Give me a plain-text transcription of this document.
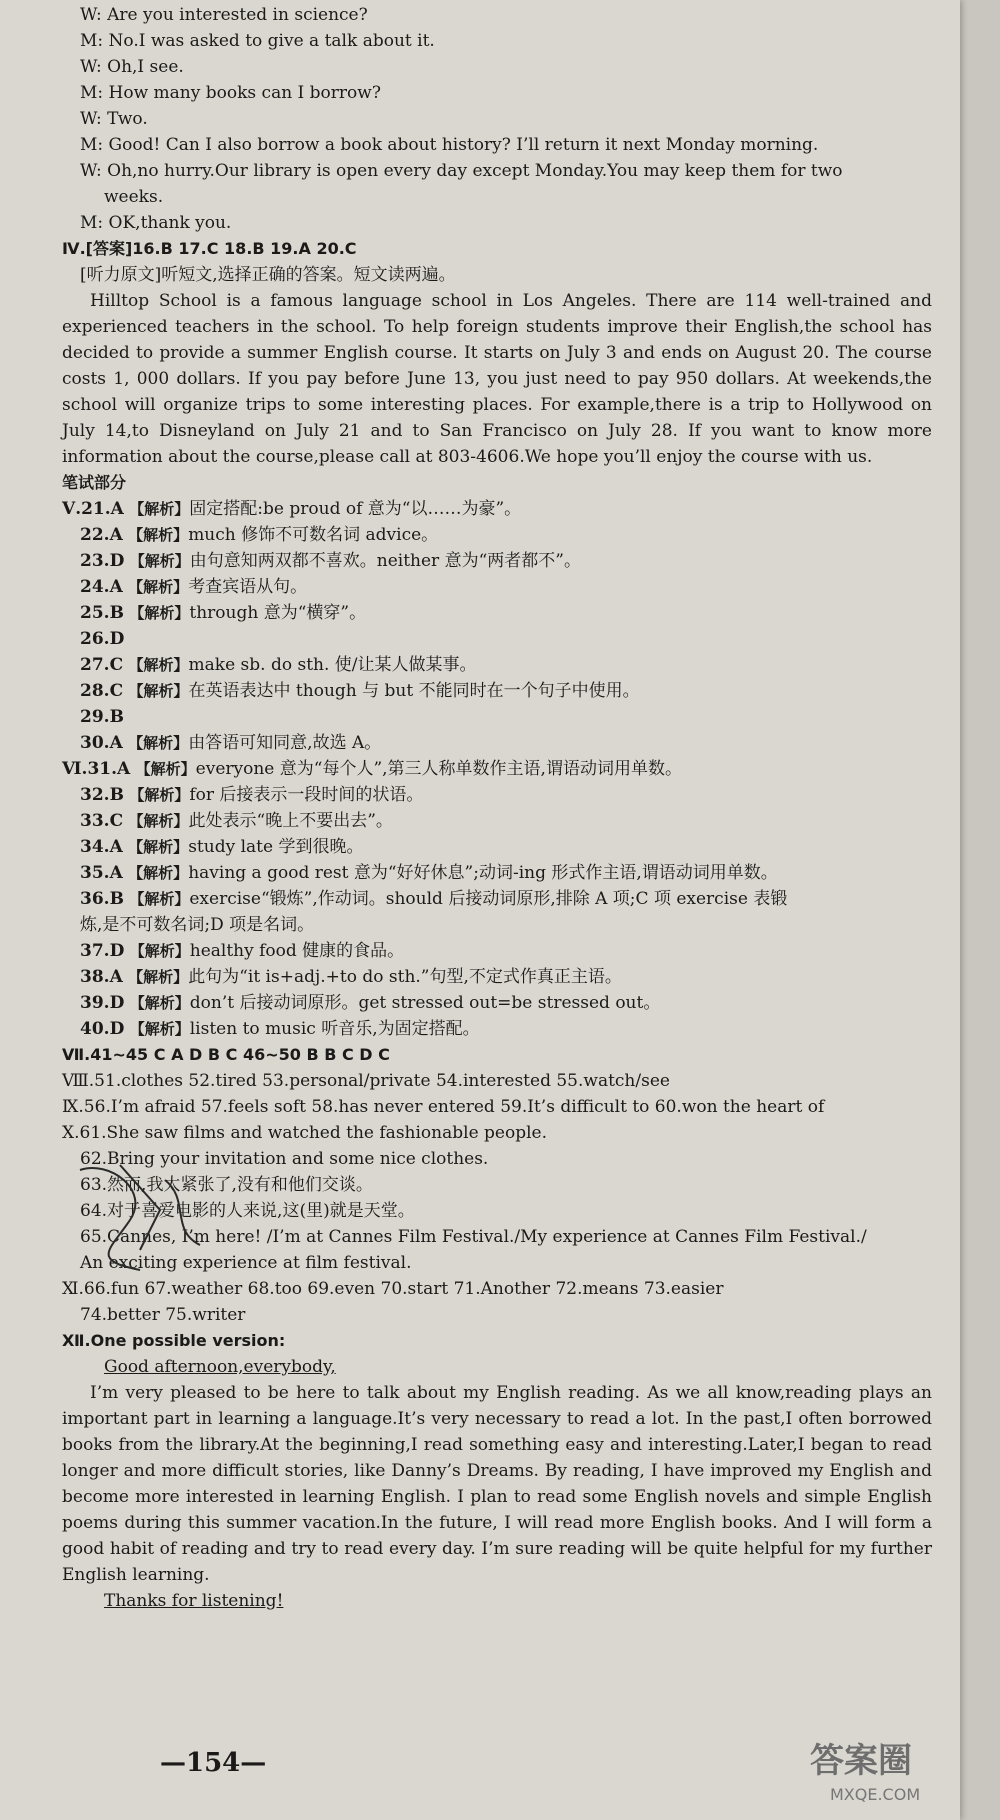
W: Are you interested in science?
M: No.I was asked to give a talk about it.
W: Oh,I see.
M: How many books can I borrow?
W: Two.
M: Good! Can I also borrow a book about history? I’ll return it next Monday morning.
W: Oh,no hurry.Our library is open every day except Monday.You may keep them for two
weeks.
M: OK,thank you.
Ⅳ.[答案]16.B 17.C 18.B 19.A 20.C
[听力原文]听短文,选择正确的答案。短文读两遍。
Hilltop School is a famous language school in Los Angeles. There are 114 well-trained and experienced teachers in the school. To help foreign students improve their English,the school has decided to provide a summer English course. It starts on July 3 and ends on August 20. The course costs 1, 000 dollars. If you pay before June 13, you just need to pay 950 dollars. At weekends,the school will organize trips to some interesting places. For example,there is a trip to Hollywood on July 14,to Disneyland on July 21 and to San Francisco on July 28. If you want to know more information about the course,please call at 803-4606.We hope you’ll enjoy the course with us.
笔试部分
Ⅴ.21.A 【解析】固定搭配:be proud of 意为“以……为豪”。
22.A 【解析】much 修饰不可数名词 advice。
23.D 【解析】由句意知两双都不喜欢。neither 意为“两者都不”。
24.A 【解析】考查宾语从句。
25.B 【解析】through 意为“横穿”。
26.D
27.C 【解析】make sb. do sth. 使/让某人做某事。
28.C 【解析】在英语表达中 though 与 but 不能同时在一个句子中使用。
29.B
30.A 【解析】由答语可知同意,故选 A。
Ⅵ.31.A 【解析】everyone 意为“每个人”,第三人称单数作主语,谓语动词用单数。
32.B 【解析】for 后接表示一段时间的状语。
33.C 【解析】此处表示“晚上不要出去”。
34.A 【解析】study late 学到很晚。
35.A 【解析】having a good rest 意为“好好休息”;动词-ing 形式作主语,谓语动词用单数。
36.B 【解析】exercise“锻炼”,作动词。should 后接动词原形,排除 A 项;C 项 exercise 表锻
炼,是不可数名词;D 项是名词。
37.D 【解析】healthy food 健康的食品。
38.A 【解析】此句为“it is+adj.+to do sth.”句型,不定式作真正主语。
39.D 【解析】don’t 后接动词原形。get stressed out=be stressed out。
40.D 【解析】listen to music 听音乐,为固定搭配。
Ⅶ.41~45 C A D B C 46~50 B B C D C
Ⅷ.51.clothes 52.tired 53.personal/private 54.interested 55.watch/see
Ⅸ.56.I’m afraid 57.feels soft 58.has never entered 59.It’s difficult to 60.won the heart of
Ⅹ.61.She saw films and watched the fashionable people.
62.Bring your invitation and some nice clothes.
63.然而,我太紧张了,没有和他们交谈。
64.对于喜爱电影的人来说,这(里)就是天堂。
65.Cannes, I’m here! /I’m at Cannes Film Festival./My experience at Cannes Film Festival./
An exciting experience at film festival.
Ⅺ.66.fun 67.weather 68.too 69.even 70.start 71.Another 72.means 73.easier
74.better 75.writer
Ⅻ.One possible version:
Good afternoon,everybody,
I’m very pleased to be here to talk about my English reading. As we all know,reading plays an important part in learning a language.It’s very necessary to read a lot. In the past,I often borrowed books from the library.At the beginning,I read something easy and interesting.Later,I began to read longer and more difficult stories, like Danny’s Dreams. By reading, I have improved my English and become more interested in learning English. I plan to read some English novels and simple English poems during this summer vacation.In the future, I will read more English books. And I will form a good habit of reading and try to read every day. I’m sure reading will be quite helpful for my further English learning.
Thanks for listening!
—154—	答案圈
MXQE.COM
